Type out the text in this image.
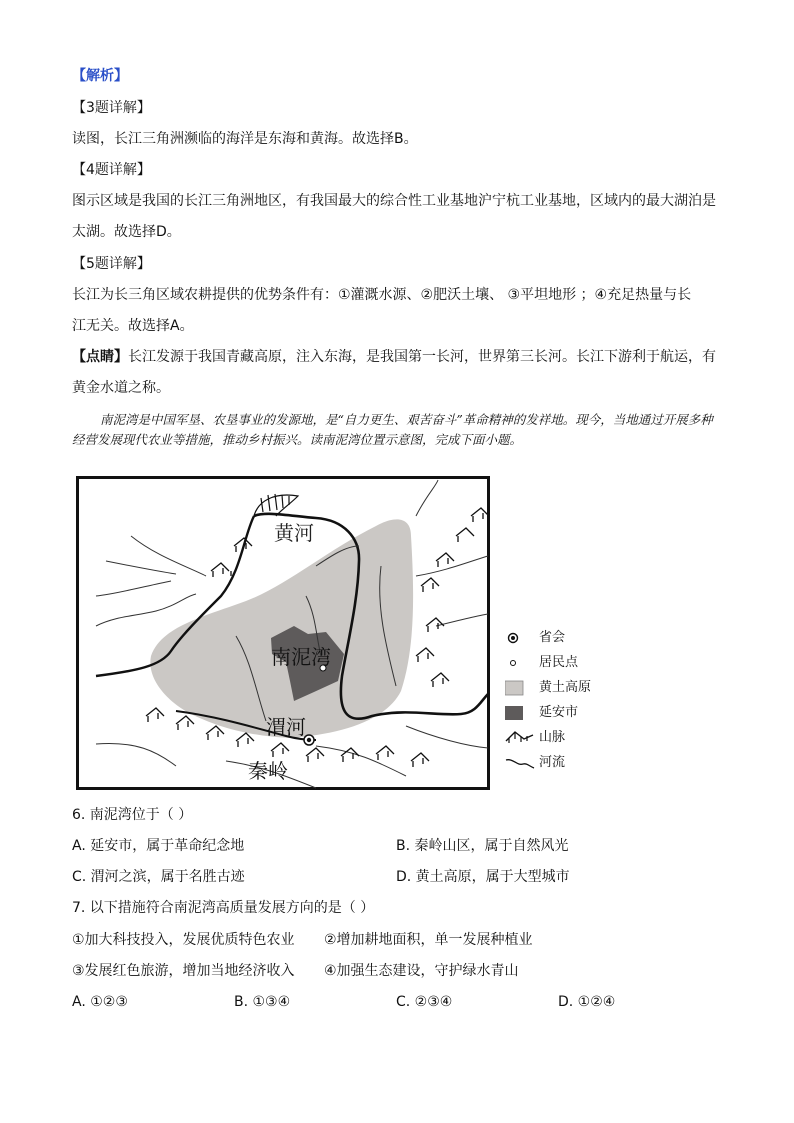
【解析】
【3题详解】
读图，长江三角洲濒临的海洋是东海和黄海。故选择B。
【4题详解】
图示区域是我国的长江三角洲地区，有我国最大的综合性工业基地沪宁杭工业基地，区域内的最大湖泊是
太湖。故选择D。
【5题详解】
长江为长三角区域农耕提供的优势条件有：①灌溉水源、②肥沃土壤、 ③平坦地形 ；④充足热量与长
江无关。故选择A。
【点睛】长江发源于我国青藏高原，注入东海，是我国第一长河，世界第三长河。长江下游利于航运，有
黄金水道之称。
南泥湾是中国军垦、农垦事业的发源地，是“自力更生、艰苦奋斗”革命精神的发祥地。现今，当地通过开展多种经营发展现代农业等措施，推动乡村振兴。读南泥湾位置示意图，完成下面小题。
黄河
南泥湾
渭河
秦岭
省会
居民点
黄土高原
延安市
山脉
河流
6. 南泥湾位于（ ）
A. 延安市，属于革命纪念地	B. 秦岭山区，属于自然风光
C. 渭河之滨，属于名胜古迹	D. 黄土高原，属于大型城市
7. 以下措施符合南泥湾高质量发展方向的是（ ）
①加大科技投入，发展优质特色农业 ②增加耕地面积，单一发展种植业
③发展红色旅游，增加当地经济收入 ④加强生态建设，守护绿水青山
A. ①②③	B. ①③④	C. ②③④	D. ①②④
